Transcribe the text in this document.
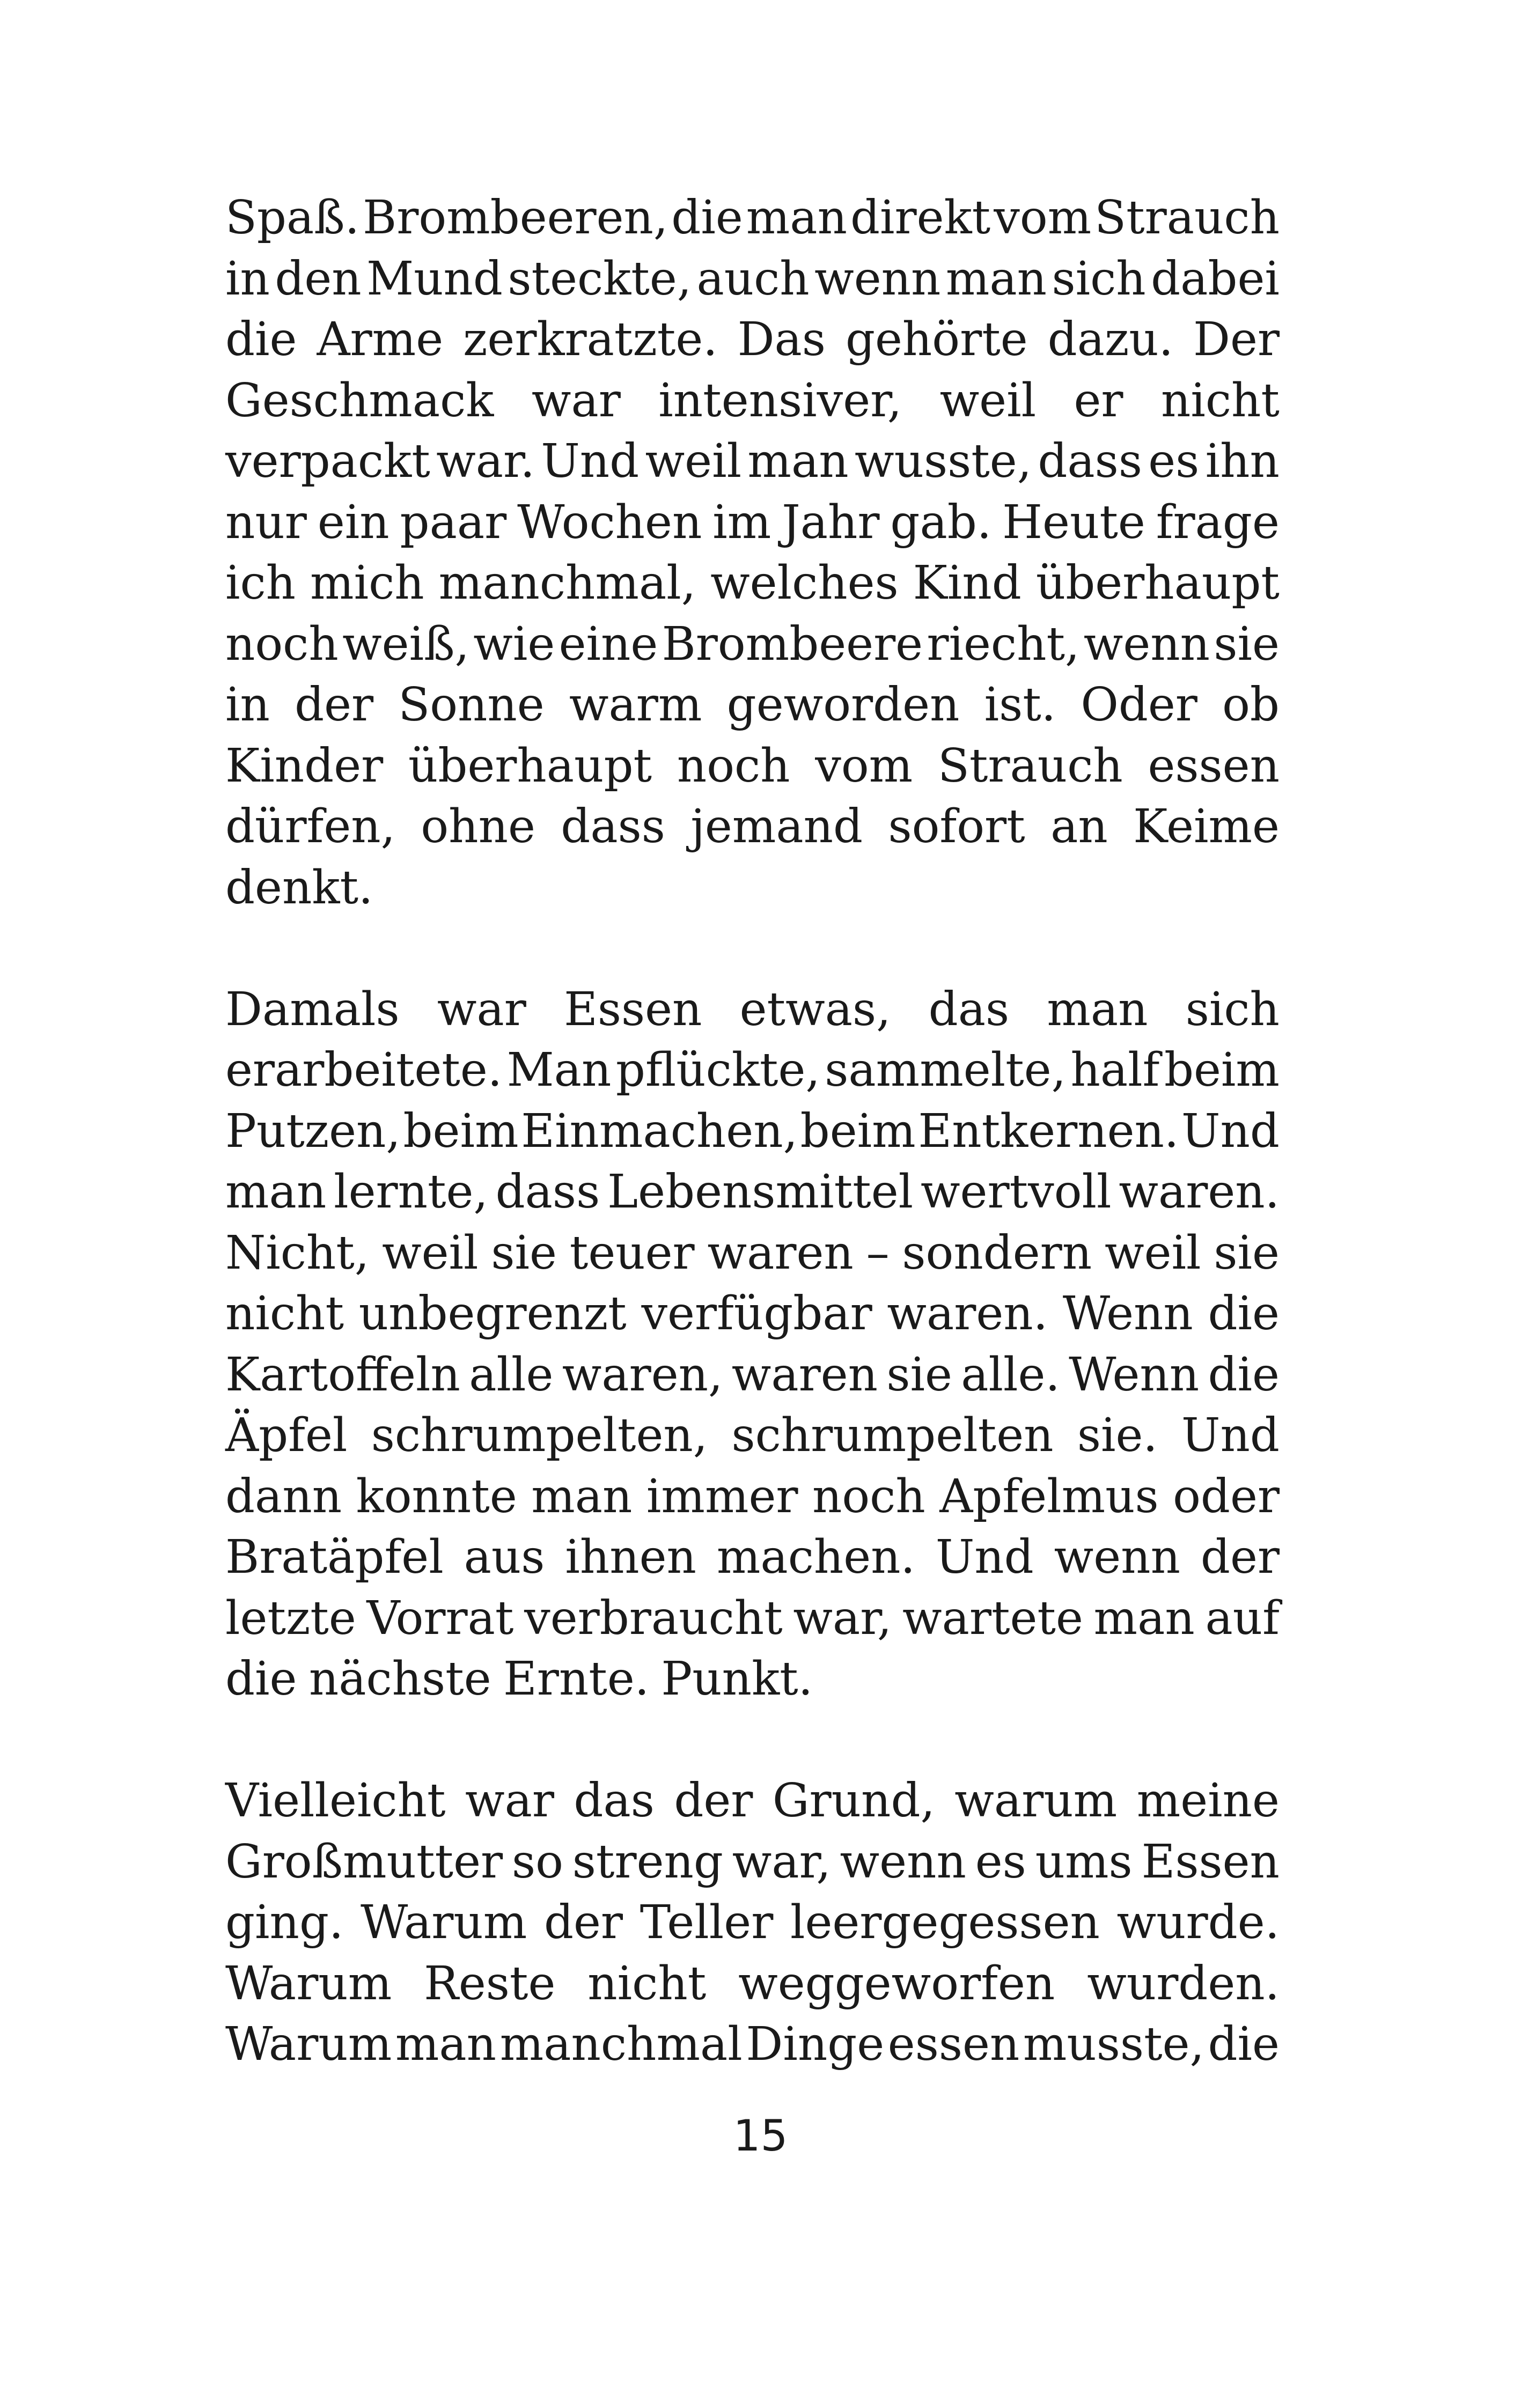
Spaß. Brombeeren, die man direkt vom Strauch
in den Mund steckte, auch wenn man sich dabei
die Arme zerkratzte. Das gehörte dazu. Der
Geschmack war intensiver, weil er nicht
verpackt war. Und weil man wusste, dass es ihn
nur ein paar Wochen im Jahr gab. Heute frage
ich mich manchmal, welches Kind überhaupt
noch weiß, wie eine Brombeere riecht, wenn sie
in der Sonne warm geworden ist. Oder ob
Kinder überhaupt noch vom Strauch essen
dürfen, ohne dass jemand sofort an Keime
denkt.
Damals war Essen etwas, das man sich
erarbeitete. Man pflückte, sammelte, half beim
Putzen, beim Einmachen, beim Entkernen. Und
man lernte, dass Lebensmittel wertvoll waren.
Nicht, weil sie teuer waren – sondern weil sie
nicht unbegrenzt verfügbar waren. Wenn die
Kartoffeln alle waren, waren sie alle. Wenn die
Äpfel schrumpelten, schrumpelten sie. Und
dann konnte man immer noch Apfelmus oder
Bratäpfel aus ihnen machen. Und wenn der
letzte Vorrat verbraucht war, wartete man auf
die nächste Ernte. Punkt.
Vielleicht war das der Grund, warum meine
Großmutter so streng war, wenn es ums Essen
ging. Warum der Teller leergegessen wurde.
Warum Reste nicht weggeworfen wurden.
Warum man manchmal Dinge essen musste, die
15
